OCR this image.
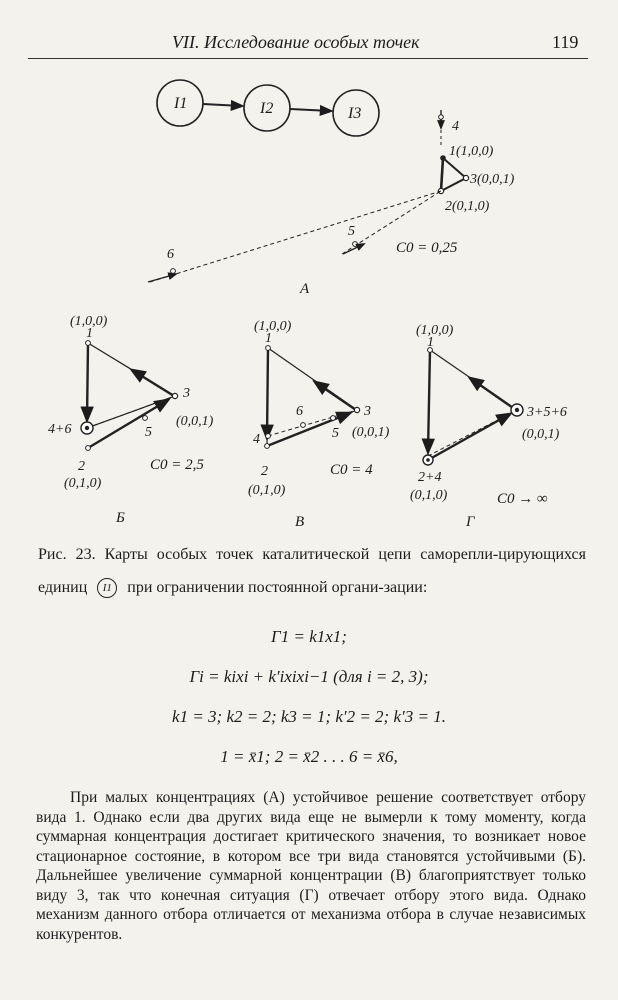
VII. Исследование особых точек	119
I1	I2	I3
4
1(1,0,0)
3(0,0,1)
2(0,1,0)
6
5
C0 = 0,25
А
(1,0,0)
1
4+6
2
(0,1,0)
3
(0,0,1)
5
C0 = 2,5
Б
(1,0,0)
1
4
2
(0,1,0)
3
(0,0,1)
6
5
C0 = 4
В
(1,0,0)
1
2+4
(0,1,0)
3+5+6
(0,0,1)
C0 → ∞
Г
Рис. 23. Карты особых точек каталитической цепи саморепли-цирующихся единиц I1 при ограничении постоянной органи-зации:
Γ1 = k1x1;
Γi = kixi + k′ixixi−1 (для i = 2, 3);
k1 = 3; k2 = 2; k3 = 1; k′2 = 2; k′3 = 1.
1 = x̄1; 2 = x̄2 . . . 6 = x̄6,
При малых концентрациях (А) устойчивое решение соответствует отбору вида 1. Однако если два других вида еще не вымерли к тому моменту, когда суммарная концентрация достигает критического значения, то возникает новое стационарное состояние, в котором все три вида становятся устойчивыми (Б). Дальнейшее увеличение суммарной концентрации (В) благоприятствует только виду 3, так что конечная ситуация (Г) отвечает отбору этого вида. Однако механизм данного отбора отличается от механизма отбора в случае независимых конкурентов.
